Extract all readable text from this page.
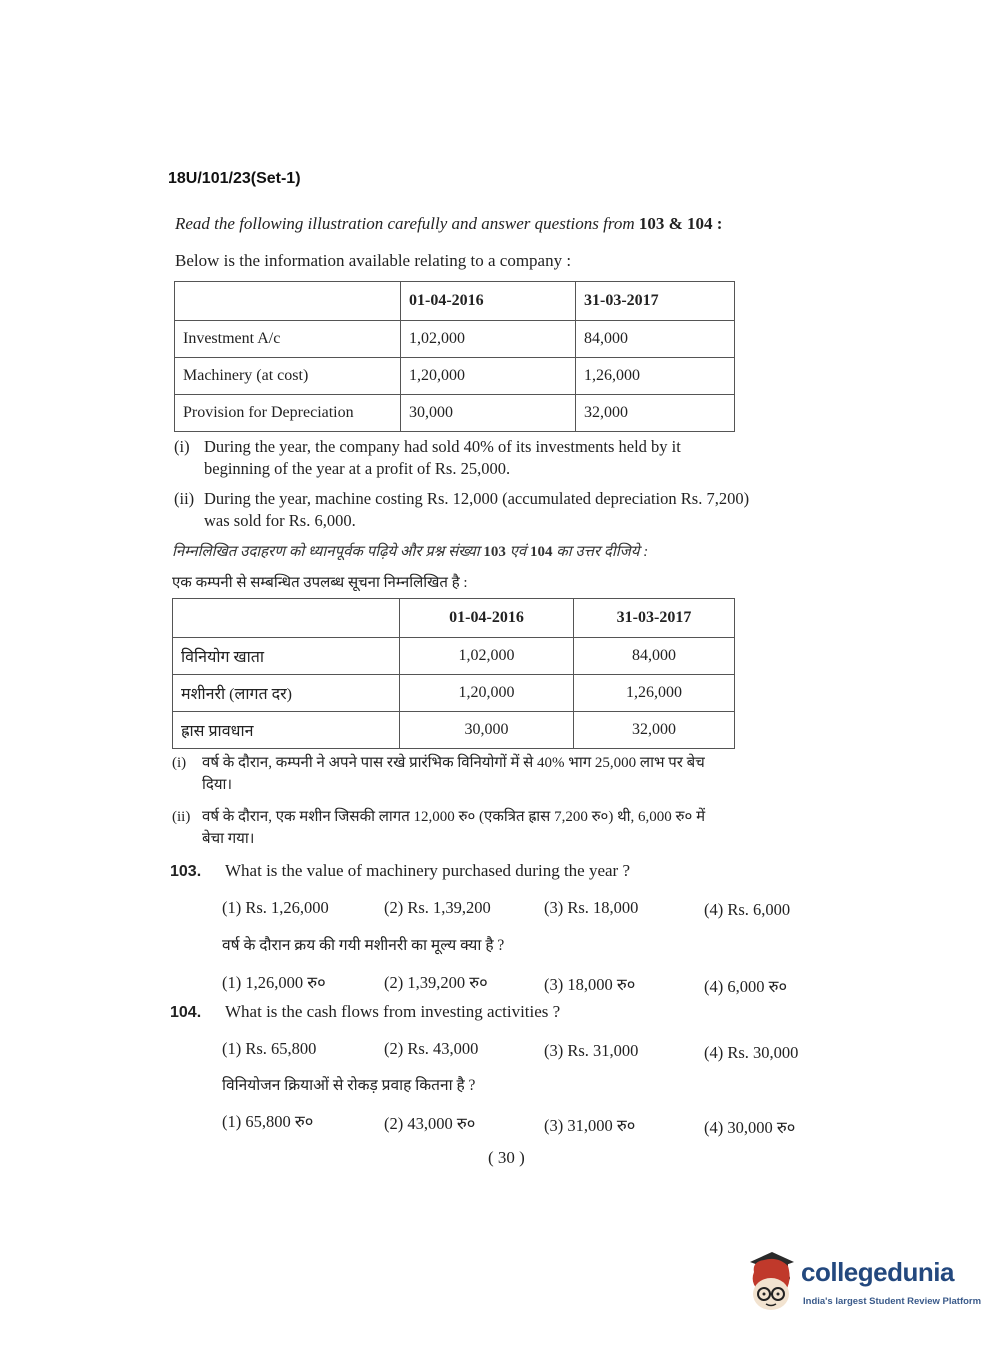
18U/101/23(Set-1)
Read the following illustration carefully and answer questions from 103 & 104 :
Below is the information available relating to a company :
	01-04-2016	31-03-2017
Investment A/c	1,02,000	84,000
Machinery (at cost)	1,20,000	1,26,000
Provision for Depreciation	30,000	32,000
(i) During the year, the company had sold 40% of its investments held by it
beginning of the year at a profit of Rs. 25,000.
(ii) During the year, machine costing Rs. 12,000 (accumulated depreciation Rs. 7,200)
was sold for Rs. 6,000.
निम्नलिखित उदाहरण को ध्यानपूर्वक पढ़िये और प्रश्न संख्या 103 एवं 104 का उत्तर दीजिये :
एक कम्पनी से सम्बन्धित उपलब्ध सूचना निम्नलिखित है :
	01-04-2016	31-03-2017
विनियोग खाता	1,02,000	84,000
मशीनरी (लागत दर)	1,20,000	1,26,000
ह्रास प्रावधान	30,000	32,000
(i) वर्ष के दौरान, कम्पनी ने अपने पास रखे प्रारंभिक विनियोगों में से 40% भाग 25,000 लाभ पर बेच
दिया।
(ii) वर्ष के दौरान, एक मशीन जिसकी लागत 12,000 रु० (एकत्रित ह्रास 7,200 रु०) थी, 6,000 रु० में
बेचा गया।
103. What is the value of machinery purchased during the year ?
(1) Rs. 1,26,000	(2) Rs. 1,39,200	(3) Rs. 18,000	(4) Rs. 6,000
वर्ष के दौरान क्रय की गयी मशीनरी का मूल्य क्या है ?
(1) 1,26,000 रु०	(2) 1,39,200 रु०	(3) 18,000 रु०	(4) 6,000 रु०
104. What is the cash flows from investing activities ?
(1) Rs. 65,800	(2) Rs. 43,000	(3) Rs. 31,000	(4) Rs. 30,000
विनियोजन क्रियाओं से रोकड़ प्रवाह कितना है ?
(1) 65,800 रु०	(2) 43,000 रु०	(3) 31,000 रु०	(4) 30,000 रु०
( 30 )
collegedunia
India's largest Student Review Platform
